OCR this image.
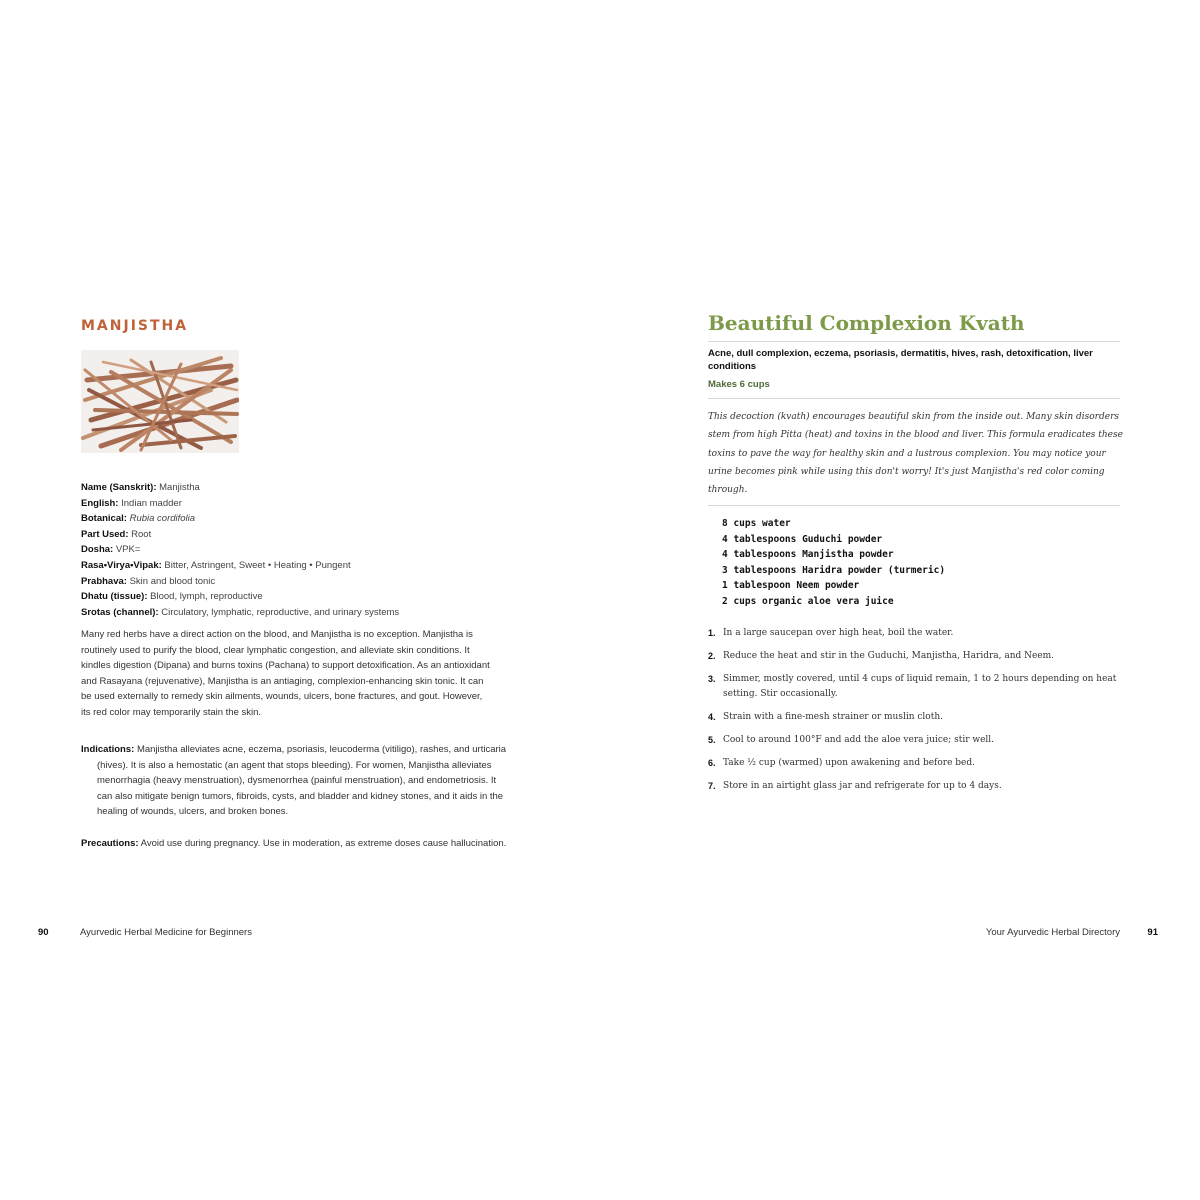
MANJISTHA
Name (Sanskrit): Manjistha
English: Indian madder
Botanical: Rubia cordifolia
Part Used: Root
Dosha: VPK=
Rasa•Virya•Vipak: Bitter, Astringent, Sweet • Heating • Pungent
Prabhava: Skin and blood tonic
Dhatu (tissue): Blood, lymph, reproductive
Srotas (channel): Circulatory, lymphatic, reproductive, and urinary systems

Many red herbs have a direct action on the blood, and Manjistha is no exception. Manjistha is routinely used to purify the blood, clear lymphatic congestion, and alleviate skin conditions. It kindles digestion (Dipana) and burns toxins (Pachana) to support detoxification. As an antioxidant and Rasayana (rejuvenative), Manjistha is an antiaging, complexion-enhancing skin tonic. It can be used externally to remedy skin ailments, wounds, ulcers, bone fractures, and gout. However, its red color may temporarily stain the skin.

Indications: Manjistha alleviates acne, eczema, psoriasis, leucoderma (vitiligo), rashes, and urticaria (hives). It is also a hemostatic (an agent that stops bleeding). For women, Manjistha alleviates menorrhagia (heavy menstruation), dysmenorrhea (painful menstruation), and endometriosis. It can also mitigate benign tumors, fibroids, cysts, and bladder and kidney stones, and it aids in the healing of wounds, ulcers, and broken bones.

Precautions: Avoid use during pregnancy. Use in moderation, as extreme doses cause hallucination.

90	Ayurvedic Herbal Medicine for Beginners
Beautiful Complexion Kvath

Acne, dull complexion, eczema, psoriasis, dermatitis, hives, rash, detoxification, liver conditions

Makes 6 cups

This decoction (kvath) encourages beautiful skin from the inside out. Many skin disorders stem from high Pitta (heat) and toxins in the blood and liver. This formula eradicates these toxins to pave the way for healthy skin and a lustrous complexion. You may notice your urine becomes pink while using this don't worry! It's just Manjistha's red color coming through.

8 cups water
4 tablespoons Guduchi powder
4 tablespoons Manjistha powder
3 tablespoons Haridra powder (turmeric)
1 tablespoon Neem powder
2 cups organic aloe vera juice
1. In a large saucepan over high heat, boil the water.
2. Reduce the heat and stir in the Guduchi, Manjistha, Haridra, and Neem.
3. Simmer, mostly covered, until 4 cups of liquid remain, 1 to 2 hours depending on heat setting. Stir occasionally.
4. Strain with a fine-mesh strainer or muslin cloth.
5. Cool to around 100°F and add the aloe vera juice; stir well.
6. Take ½ cup (warmed) upon awakening and before bed.
7. Store in an airtight glass jar and refrigerate for up to 4 days.
Your Ayurvedic Herbal Directory	91
